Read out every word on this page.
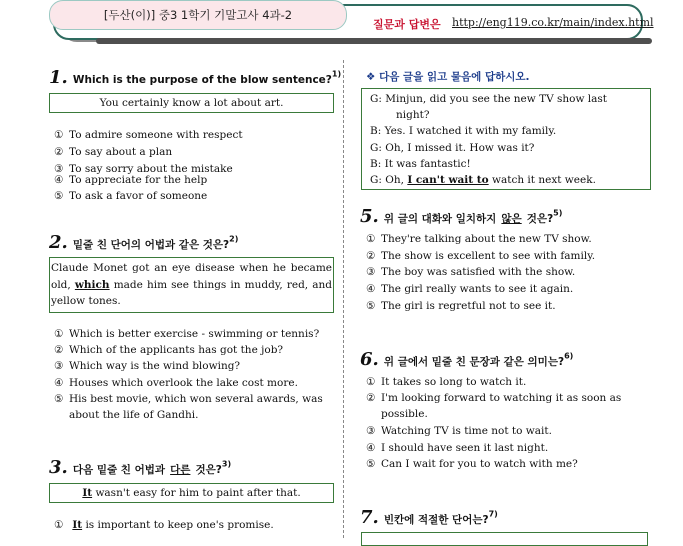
[두산(이)] 중3 1학기 기말고사 4과-2
질문과 답변은 http://eng119.co.kr/main/index.html
1. Which is the purpose of the blow sentence?$^{1)}$
You certainly know a lot about art.
① To admire someone with respect
② To say about a plan
③ To say sorry about the mistake
④ To appreciate for the help
⑤ To ask a favor of someone
2. 밑줄 친 단어의 어법과 같은 것은?$^{2)}$
Claude Monet got an eye disease when he became old, which made him see things in muddy, red, and yellow tones.
① Which is better exercise - swimming or tennis?
② Which of the applicants has got the job?
③ Which way is the wind blowing?
④ Houses which overlook the lake cost more.
⑤ His best movie, which won several awards, was
about the life of Gandhi.
3. 다음 밑줄 친 어법과 다른 것은?$^{3)}$
It wasn't easy for him to paint after that.
① It is important to keep one's promise.
❖ 다음 글을 읽고 물음에 답하시오.
G: Minjun, did you see the new TV show last
night?
B: Yes. I watched it with my family.
G: Oh, I missed it. How was it?
B: It was fantastic!
G: Oh, I can't wait to watch it next week.
5. 위 글의 대화와 일치하지 않은 것은?$^{5)}$
① They're talking about the new TV show.
② The show is excellent to see with family.
③ The boy was satisfied with the show.
④ The girl really wants to see it again.
⑤ The girl is regretful not to see it.
6. 위 글에서 밑줄 친 문장과 같은 의미는?$^{6)}$
① It takes so long to watch it.
② I'm looking forward to watching it as soon as
possible.
③ Watching TV is time not to wait.
④ I should have seen it last night.
⑤ Can I wait for you to watch with me?
7. 빈칸에 적절한 단어는?$^{7)}$
